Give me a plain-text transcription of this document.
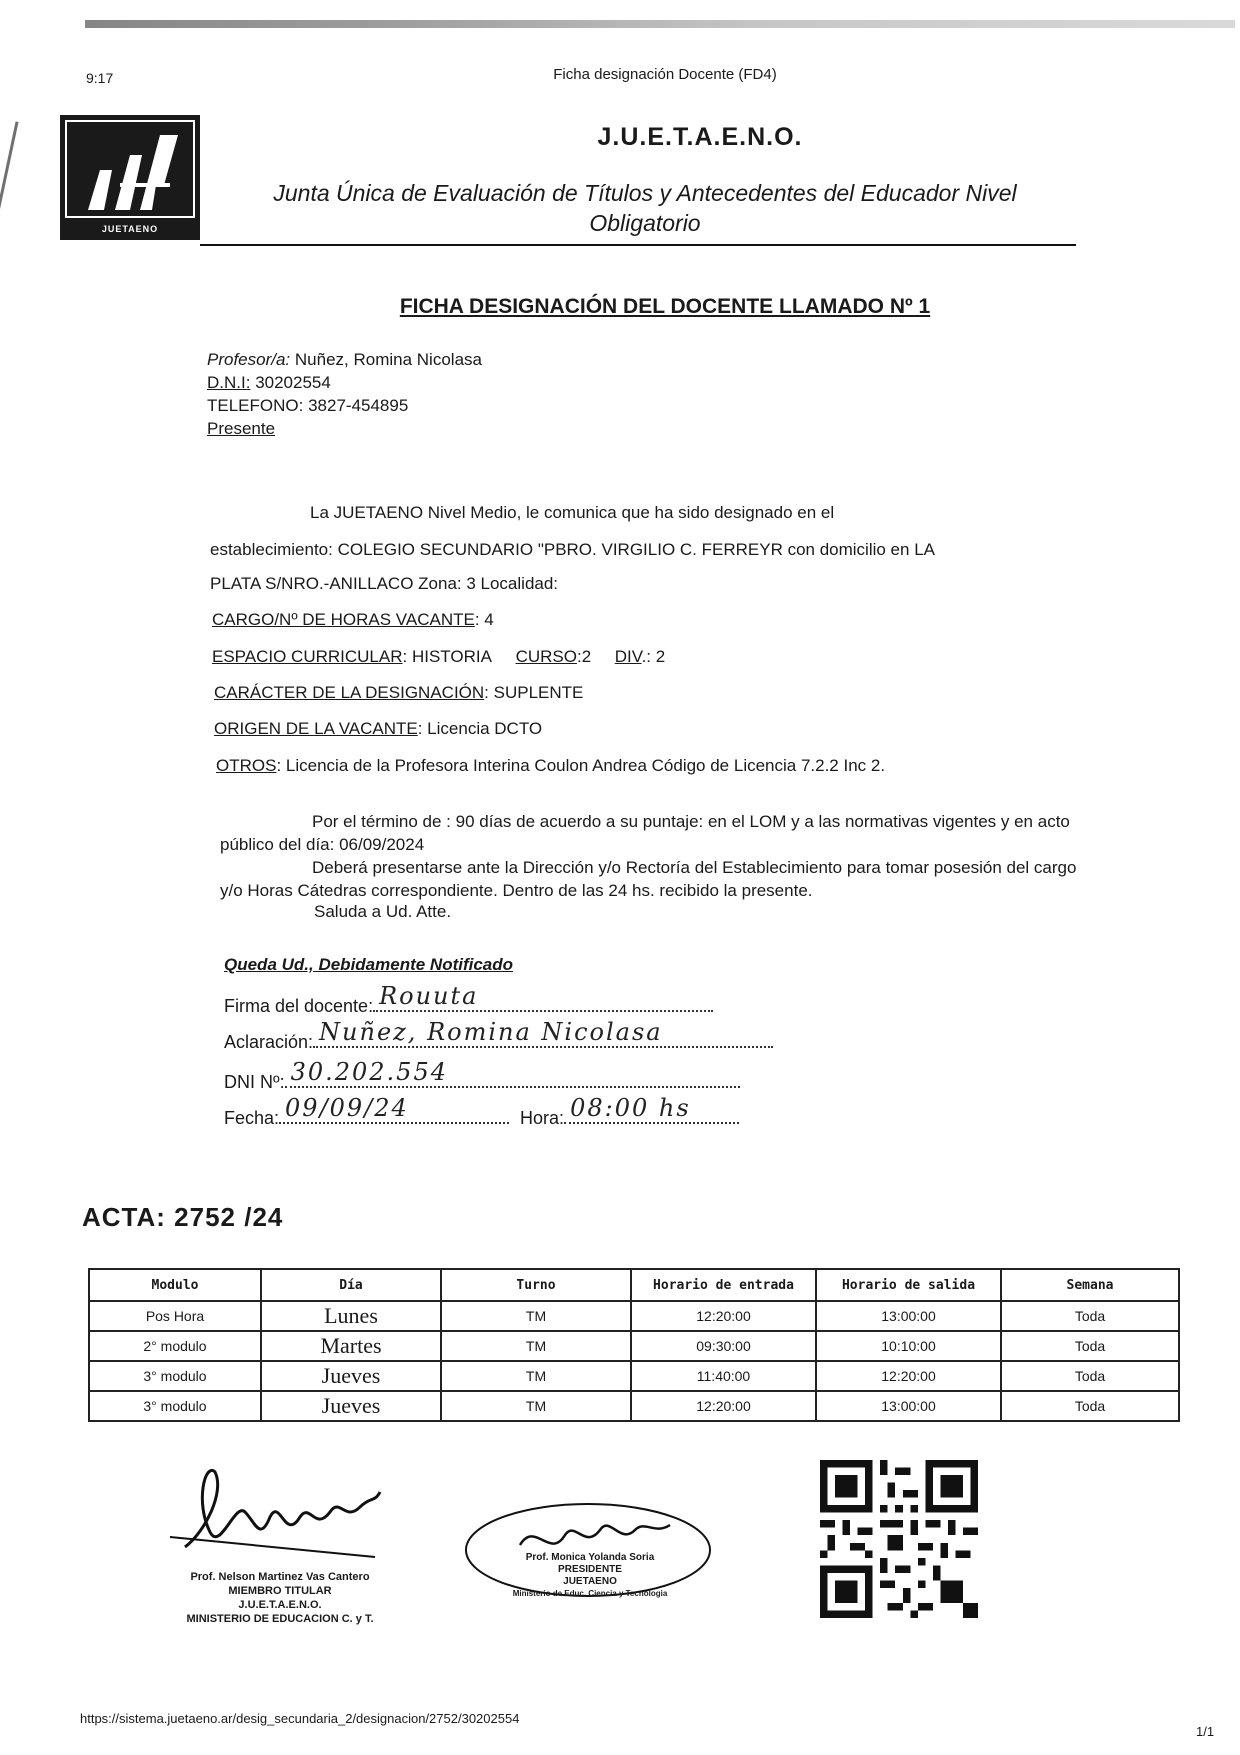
9:17	Ficha designación Docente (FD4)
JUETAENO
J.U.E.T.A.E.N.O.
Junta Única de Evaluación de Títulos y Antecedentes del Educador Nivel Obligatorio
FICHA DESIGNACIÓN DEL DOCENTE LLAMADO Nº 1
Profesor/a: Nuñez, Romina Nicolasa
D.N.I: 30202554
TELEFONO: 3827-454895
Presente
La JUETAENO Nivel Medio, le comunica que ha sido designado en el
establecimiento: COLEGIO SECUNDARIO "PBRO. VIRGILIO C. FERREYR con domicilio en LA
PLATA S/NRO.-ANILLACO Zona: 3 Localidad:
CARGO/Nº DE HORAS VACANTE: 4
ESPACIO CURRICULAR: HISTORIA CURSO:2 DIV.: 2
CARÁCTER DE LA DESIGNACIÓN: SUPLENTE
ORIGEN DE LA VACANTE: Licencia DCTO
OTROS: Licencia de la Profesora Interina Coulon Andrea Código de Licencia 7.2.2 Inc 2.
Por el término de : 90 días de acuerdo a su puntaje: en el LOM y a las normativas vigentes y en acto público del día: 06/09/2024
Deberá presentarse ante la Dirección y/o Rectoría del Establecimiento para tomar posesión del cargo y/o Horas Cátedras correspondiente. Dentro de las 24 hs. recibido la presente.
Saluda a Ud. Atte.
Queda Ud., Debidamente Notificado
Firma del docente: Rouuta
Aclaración: Nuñez, Romina Nicolasa
DNI Nº: 30.202.554
Fecha: 09/09/24	Hora: 08:00 hs
ACTA: 2752 /24
Modulo	Día	Turno	Horario de entrada	Horario de salida	Semana
Pos Hora	Lunes	TM	12:20:00	13:00:00	Toda
2° modulo	Martes	TM	09:30:00	10:10:00	Toda
3° modulo	Jueves	TM	11:40:00	12:20:00	Toda
3° modulo	Jueves	TM	12:20:00	13:00:00	Toda
Prof. Nelson Martinez Vas Cantero
MIEMBRO TITULAR
J.U.E.T.A.E.N.O.
MINISTERIO DE EDUCACION C. y T.
Prof. Monica Yolanda Soria
PRESIDENTE
JUETAENO
Ministerio de Educ. Ciencia y Tecnologia
https://sistema.juetaeno.ar/desig_secundaria_2/designacion/2752/30202554
1/1
